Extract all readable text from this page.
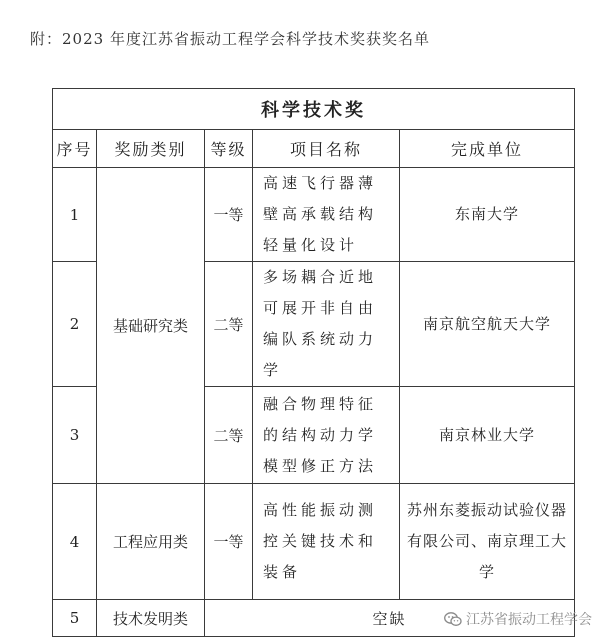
附：2023 年度江苏省振动工程学会科学技术奖获奖名单
科学技术奖				
序号	奖励类别	等级	项目名称	完成单位
1	基础研究类	一等	高速飞行器薄壁高承载结构轻量化设计	东南大学
2		二等	多场耦合近地可展开非自由编队系统动力学	南京航空航天大学
3		二等	融合物理特征的结构动力学模型修正方法	南京林业大学
4	工程应用类	一等	高性能振动测控关键技术和装备	苏州东菱振动试验仪器有限公司、南京理工大学
5	技术发明类	空缺			江苏省振动工程学会
